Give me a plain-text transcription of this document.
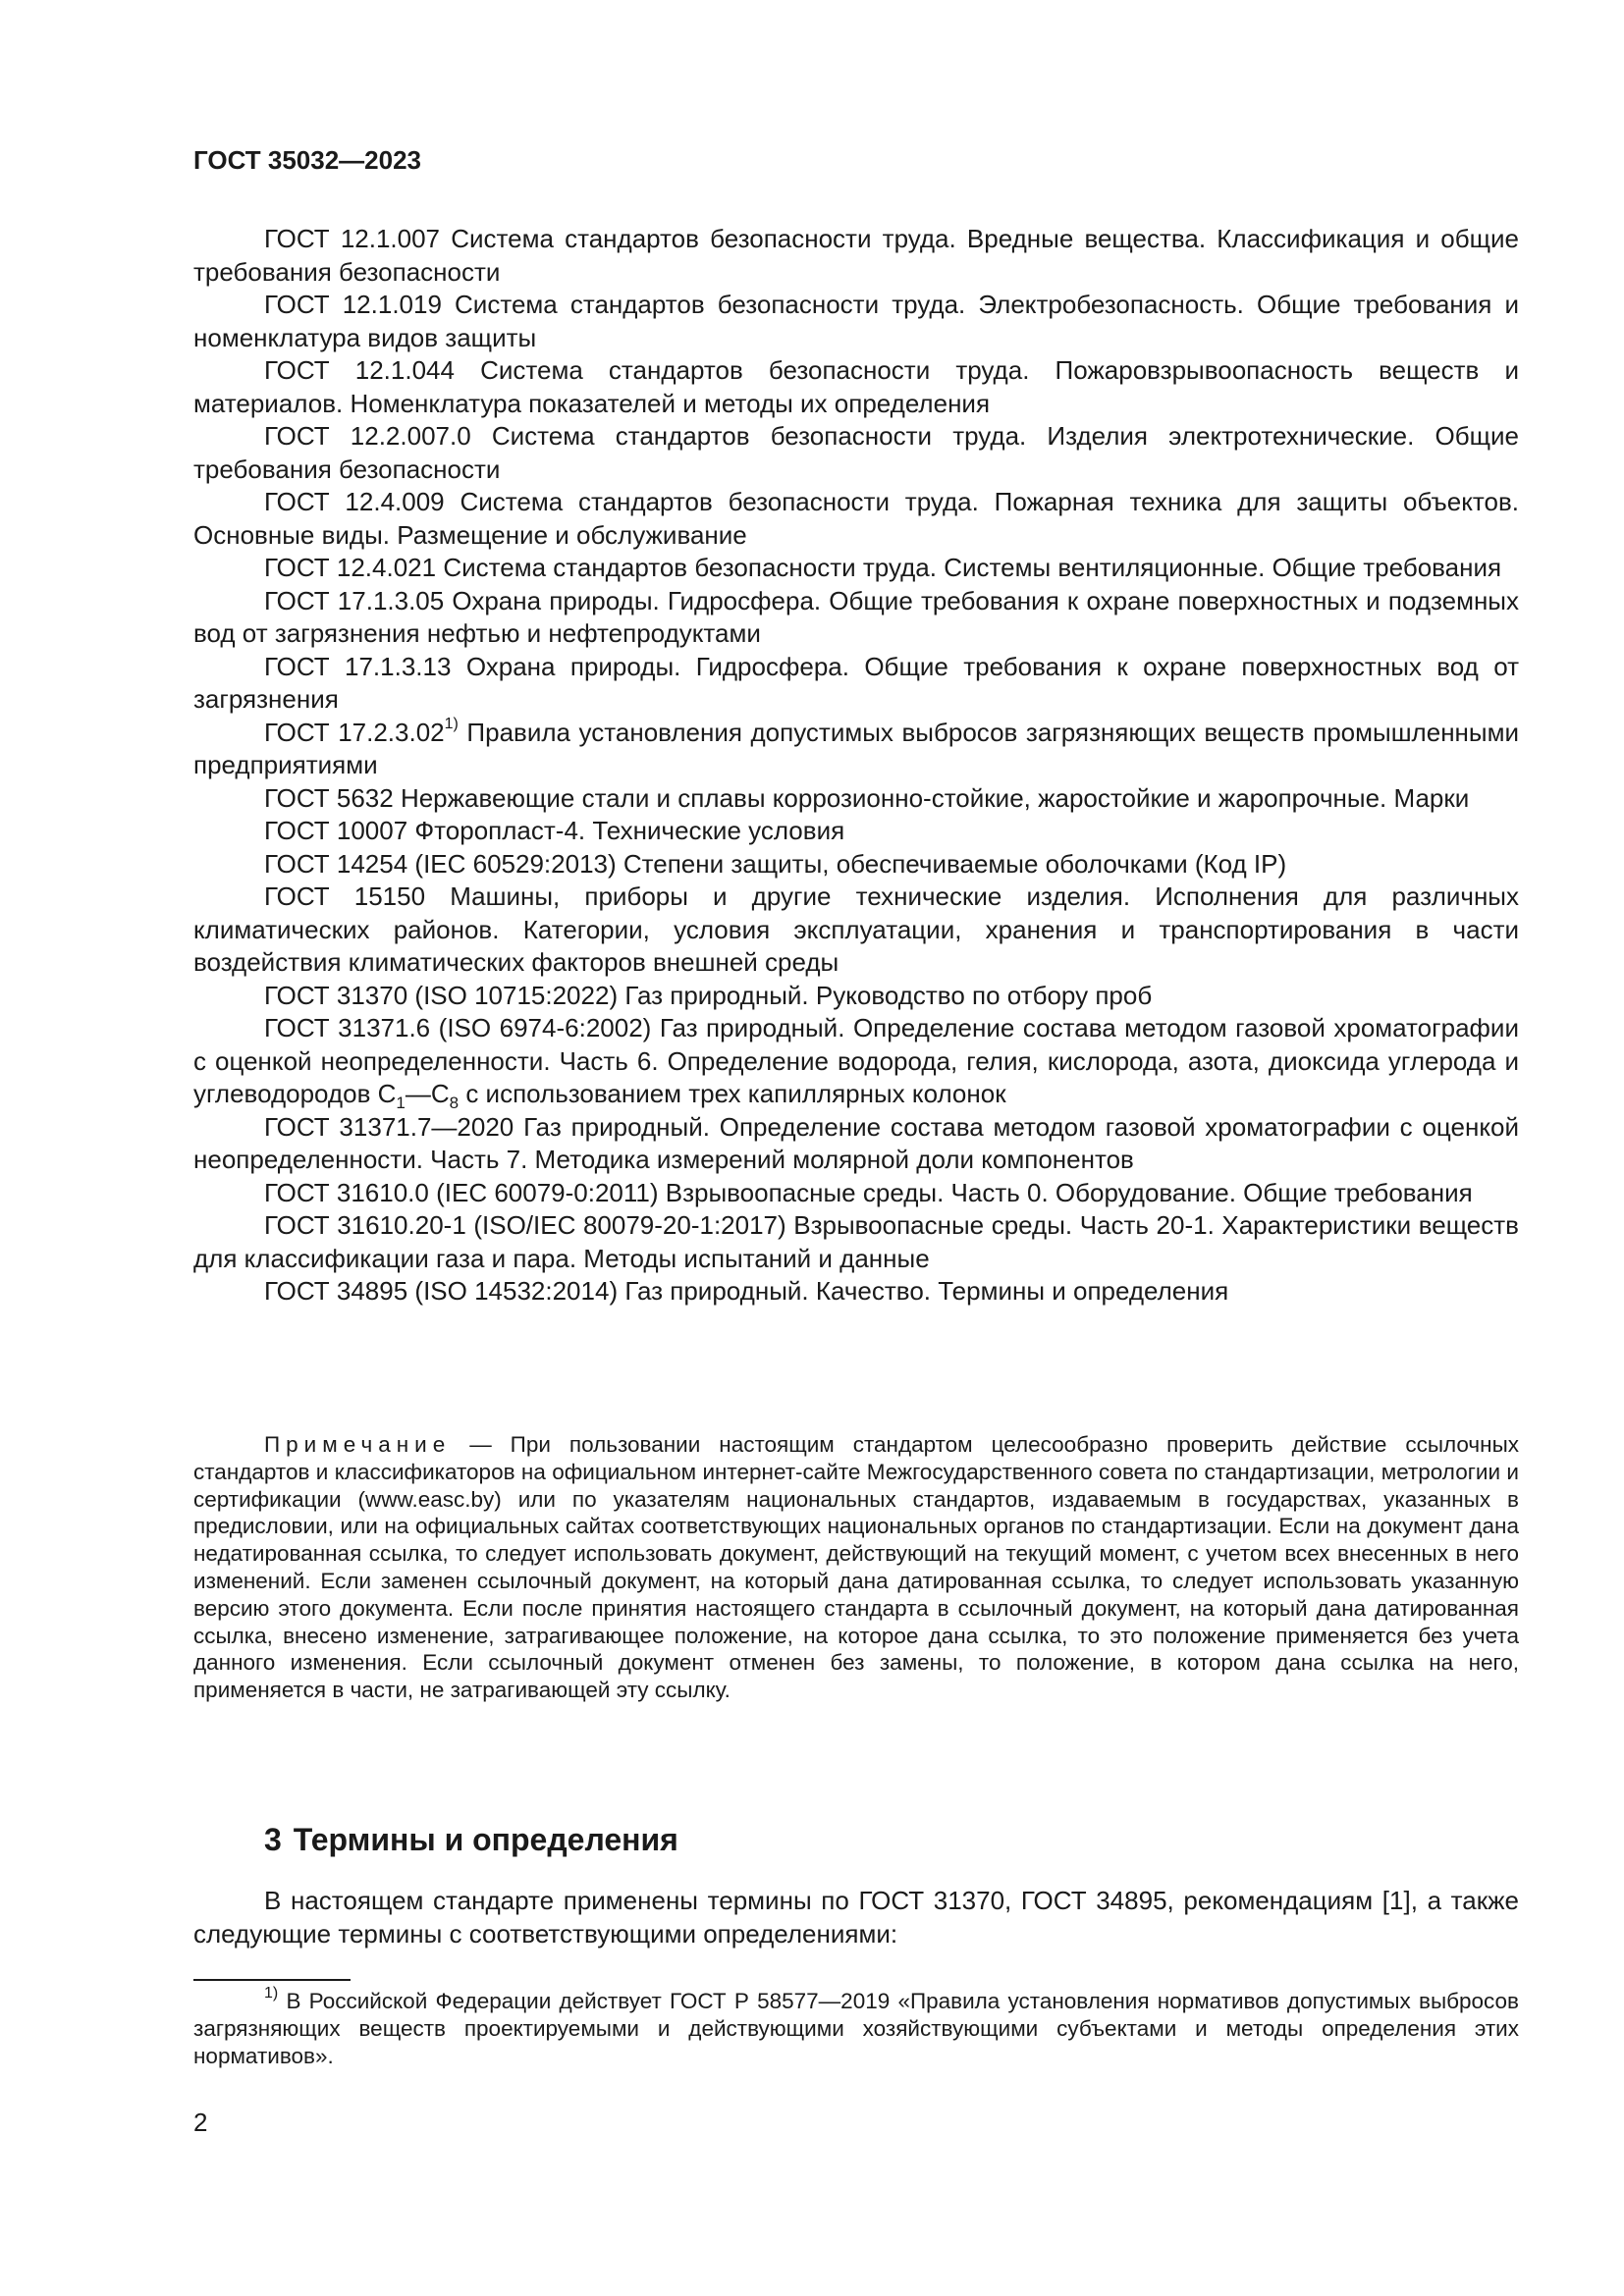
ГОСТ 35032—2023

ГОСТ 12.1.007 Система стандартов безопасности труда. Вредные вещества. Классификация и общие требования безопасности

ГОСТ 12.1.019 Система стандартов безопасности труда. Электробезопасность. Общие требования и номенклатура видов защиты

ГОСТ 12.1.044 Система стандартов безопасности труда. Пожаровзрывоопасность веществ и материалов. Номенклатура показателей и методы их определения

ГОСТ 12.2.007.0 Система стандартов безопасности труда. Изделия электротехнические. Общие требования безопасности

ГОСТ 12.4.009 Система стандартов безопасности труда. Пожарная техника для защиты объектов. Основные виды. Размещение и обслуживание

ГОСТ 12.4.021 Система стандартов безопасности труда. Системы вентиляционные. Общие требования

ГОСТ 17.1.3.05 Охрана природы. Гидросфера. Общие требования к охране поверхностных и подземных вод от загрязнения нефтью и нефтепродуктами

ГОСТ 17.1.3.13 Охрана природы. Гидросфера. Общие требования к охране поверхностных вод от загрязнения

ГОСТ 17.2.3.02$^{1)}$ Правила установления допустимых выбросов загрязняющих веществ промышленными предприятиями

ГОСТ 5632 Нержавеющие стали и сплавы коррозионно-стойкие, жаростойкие и жаропрочные. Марки

ГОСТ 10007 Фторопласт-4. Технические условия

ГОСТ 14254 (IEC 60529:2013) Степени защиты, обеспечиваемые оболочками (Код IP)

ГОСТ 15150 Машины, приборы и другие технические изделия. Исполнения для различных климатических районов. Категории, условия эксплуатации, хранения и транспортирования в части воздействия климатических факторов внешней среды

ГОСТ 31370 (ISO 10715:2022) Газ природный. Руководство по отбору проб

ГОСТ 31371.6 (ISO 6974-6:2002) Газ природный. Определение состава методом газовой хроматографии с оценкой неопределенности. Часть 6. Определение водорода, гелия, кислорода, азота, диоксида углерода и углеводородов $C_1—C_8$ с использованием трех капиллярных колонок

ГОСТ 31371.7—2020 Газ природный. Определение состава методом газовой хроматографии с оценкой неопределенности. Часть 7. Методика измерений молярной доли компонентов

ГОСТ 31610.0 (IEC 60079-0:2011) Взрывоопасные среды. Часть 0. Оборудование. Общие требования

ГОСТ 31610.20-1 (ISO/IEC 80079-20-1:2017) Взрывоопасные среды. Часть 20-1. Характеристики веществ для классификации газа и пара. Методы испытаний и данные

ГОСТ 34895 (ISO 14532:2014) Газ природный. Качество. Термины и определения

Примечание — При пользовании настоящим стандартом целесообразно проверить действие ссылочных стандартов и классификаторов на официальном интернет-сайте Межгосударственного совета по стандартизации, метрологии и сертификации (www.easc.by) или по указателям национальных стандартов, издаваемым в государствах, указанных в предисловии, или на официальных сайтах соответствующих национальных органов по стандартизации. Если на документ дана недатированная ссылка, то следует использовать документ, действующий на текущий момент, с учетом всех внесенных в него изменений. Если заменен ссылочный документ, на который дана датированная ссылка, то следует использовать указанную версию этого документа. Если после принятия настоящего стандарта в ссылочный документ, на который дана датированная ссылка, внесено изменение, затрагивающее положение, на которое дана ссылка, то это положение применяется без учета данного изменения. Если ссылочный документ отменен без замены, то положение, в котором дана ссылка на него, применяется в части, не затрагивающей эту ссылку.

3 Термины и определения

В настоящем стандарте применены термины по ГОСТ 31370, ГОСТ 34895, рекомендациям [1], а также следующие термины с соответствующими определениями:

$^{1)}$ В Российской Федерации действует ГОСТ Р 58577—2019 «Правила установления нормативов допустимых выбросов загрязняющих веществ проектируемыми и действующими хозяйствующими субъектами и методы определения этих нормативов».

2
